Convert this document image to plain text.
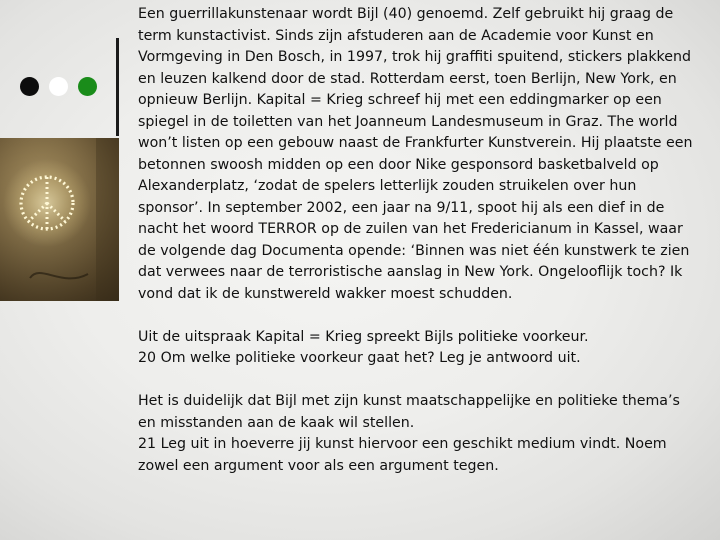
Een guerrillakunstenaar wordt Bijl (40) genoemd. Zelf gebruikt hij graag de
term kunstactivist. Sinds zijn afstuderen aan de Academie voor Kunst en
Vormgeving in Den Bosch, in 1997, trok hij graffiti spuitend, stickers plakkend
en leuzen kalkend door de stad. Rotterdam eerst, toen Berlijn, New York, en
opnieuw Berlijn. Kapital = Krieg schreef hij met een eddingmarker op een
spiegel in de toiletten van het Joanneum Landesmuseum in Graz. The world
won’t listen op een gebouw naast de Frankfurter Kunstverein. Hij plaatste een
betonnen swoosh midden op een door Nike gesponsord basketbalveld op
Alexanderplatz, ‘zodat de spelers letterlijk zouden struikelen over hun
sponsor’. In september 2002, een jaar na 9/11, spoot hij als een dief in de
nacht het woord TERROR op de zuilen van het Fredericianum in Kassel, waar
de volgende dag Documenta opende: ‘Binnen was niet één kunstwerk te zien
dat verwees naar de terroristische aanslag in New York. Ongelooflijk toch? Ik
vond dat ik de kunstwereld wakker moest schudden.

Uit de uitspraak Kapital = Krieg spreekt Bijls politieke voorkeur.
20 Om welke politieke voorkeur gaat het? Leg je antwoord uit.

Het is duidelijk dat Bijl met zijn kunst maatschappelijke en politieke thema’s
en misstanden aan de kaak wil stellen.
21 Leg uit in hoeverre jij kunst hiervoor een geschikt medium vindt. Noem
zowel een argument voor als een argument tegen.
